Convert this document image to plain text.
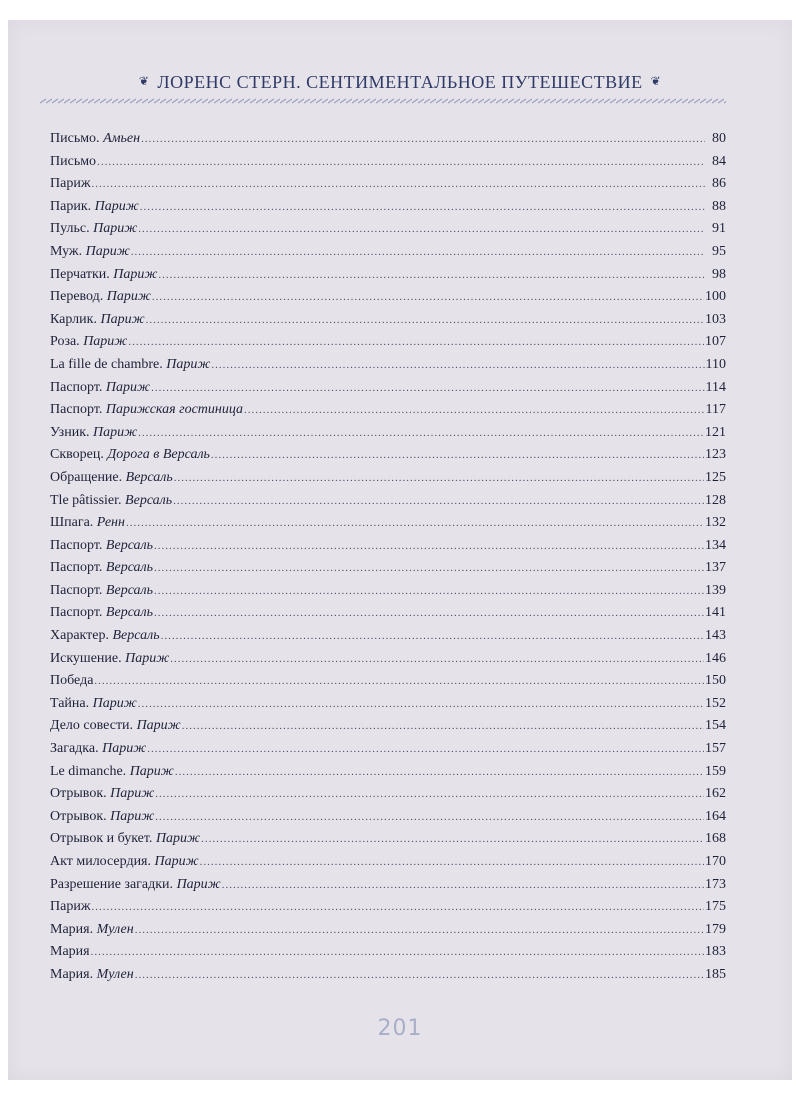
❦ ЛОРЕНС СТЕРН. СЕНТИМЕНТАЛЬНОЕ ПУТЕШЕСТВИЕ ❦
Письмо. Амьен .....	80
Письмо .....	84
Париж .....	86
Парик. Париж .....	88
Пульс. Париж .....	91
Муж. Париж .....	95
Перчатки. Париж .....	98
Перевод. Париж .....	100
Карлик. Париж .....	103
Роза. Париж .....	107
La fille de chambre. Париж .....	110
Паспорт. Париж .....	114
Паспорт. Парижская гостиница .....	117
Узник. Париж .....	121
Скворец. Дорога в Версаль .....	123
Обращение. Версаль .....	125
Tle pâtissier. Версаль .....	128
Шпага. Ренн .....	132
Паспорт. Версаль .....	134
Паспорт. Версаль .....	137
Паспорт. Версаль .....	139
Паспорт. Версаль .....	141
Характер. Версаль .....	143
Искушение. Париж .....	146
Победа .....	150
Тайна. Париж .....	152
Дело совести. Париж .....	154
Загадка. Париж .....	157
Le dimanche. Париж .....	159
Отрывок. Париж .....	162
Отрывок. Париж .....	164
Отрывок и букет. Париж .....	168
Акт милосердия. Париж .....	170
Разрешение загадки. Париж .....	173
Париж .....	175
Мария. Мулен .....	179
Мария .....	183
Мария. Мулен .....	185
201
